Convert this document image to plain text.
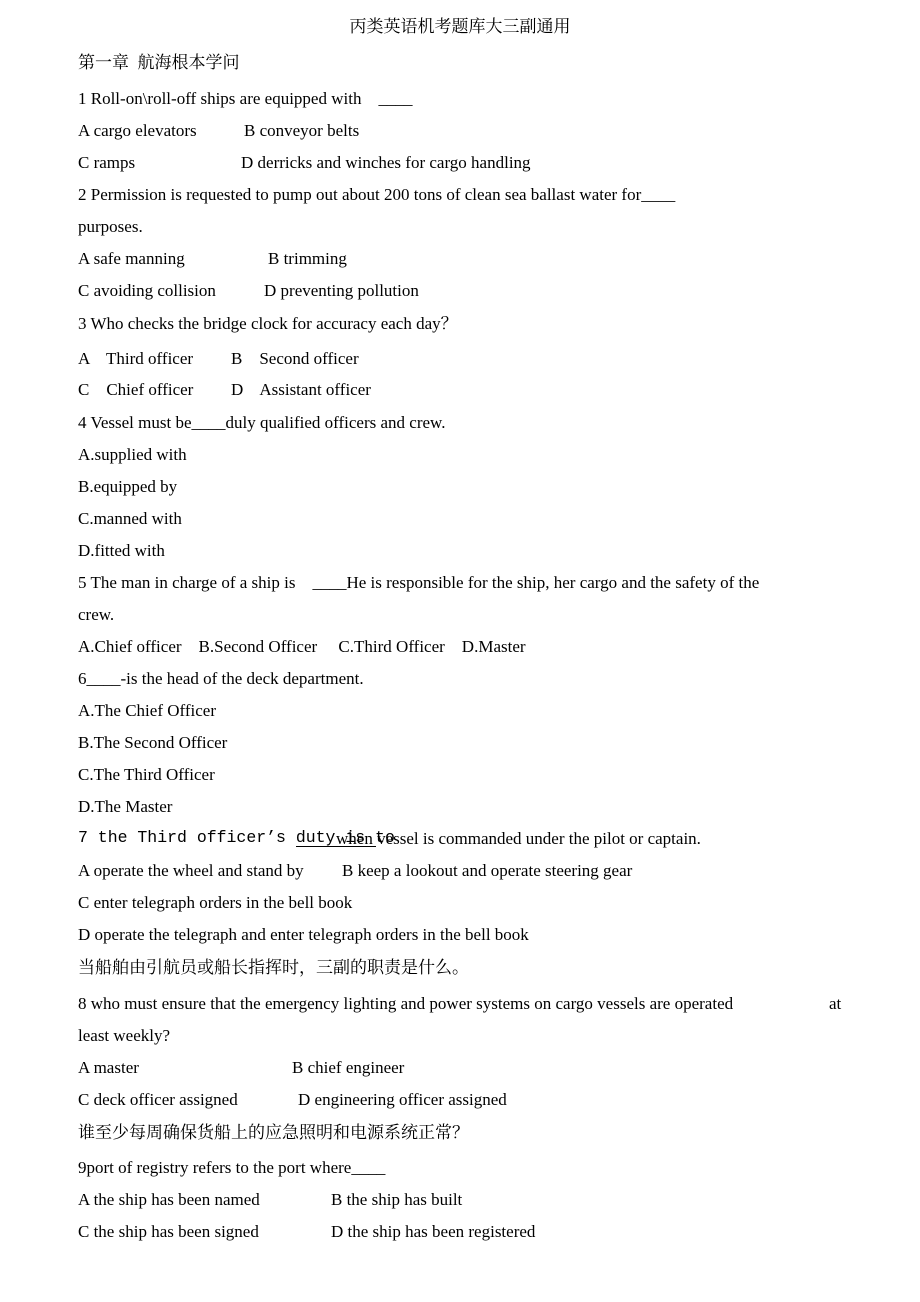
丙类英语机考题库大三副通用
第一章  航海根本学问
1 Roll-on\roll-off ships are equipped with    ____
A cargo elevators	B conveyor belts
C ramps	D derricks and winches for cargo handling
2 Permission is requested to pump out about 200 tons of clean sea ballast water for____
purposes.
A safe manning	B trimming
C avoiding collision	D preventing pollution
3 Who checks the bridge clock for accuracy each day？
A    Third officer B    Second officer
C    Chief officer D    Assistant officer
4 Vessel must be____duly qualified officers and crew.
A.supplied with
B.equipped by
C.manned with
D.fitted with
5 The man in charge of a ship is    ____He is responsible for the ship, her cargo and the safety of the
crew.
A.Chief officer    B.Second Officer     C.Third Officer    D.Master
6____-is the head of the deck department.
A.The Chief Officer
B.The Second Officer
C.The Third Officer
D.The Master
7 the Third officer’s duty is to
when vessel is commanded under the pilot or captain.
A operate the wheel and stand by B keep a lookout and operate steering gear
C enter telegraph orders in the bell book
D operate the telegraph and enter telegraph orders in the bell book
当船舶由引航员或船长指挥时，三副的职责是什么。
8 who must ensure that the emergency lighting and power systems on cargo vessels are operated	at
least weekly?
A master	B chief engineer
C deck officer assigned	D engineering officer assigned
谁至少每周确保货船上的应急照明和电源系统正常？
9port of registry refers to the port where____
A the ship has been named	B the ship has built
C the ship has been signed	D the ship has been registered
